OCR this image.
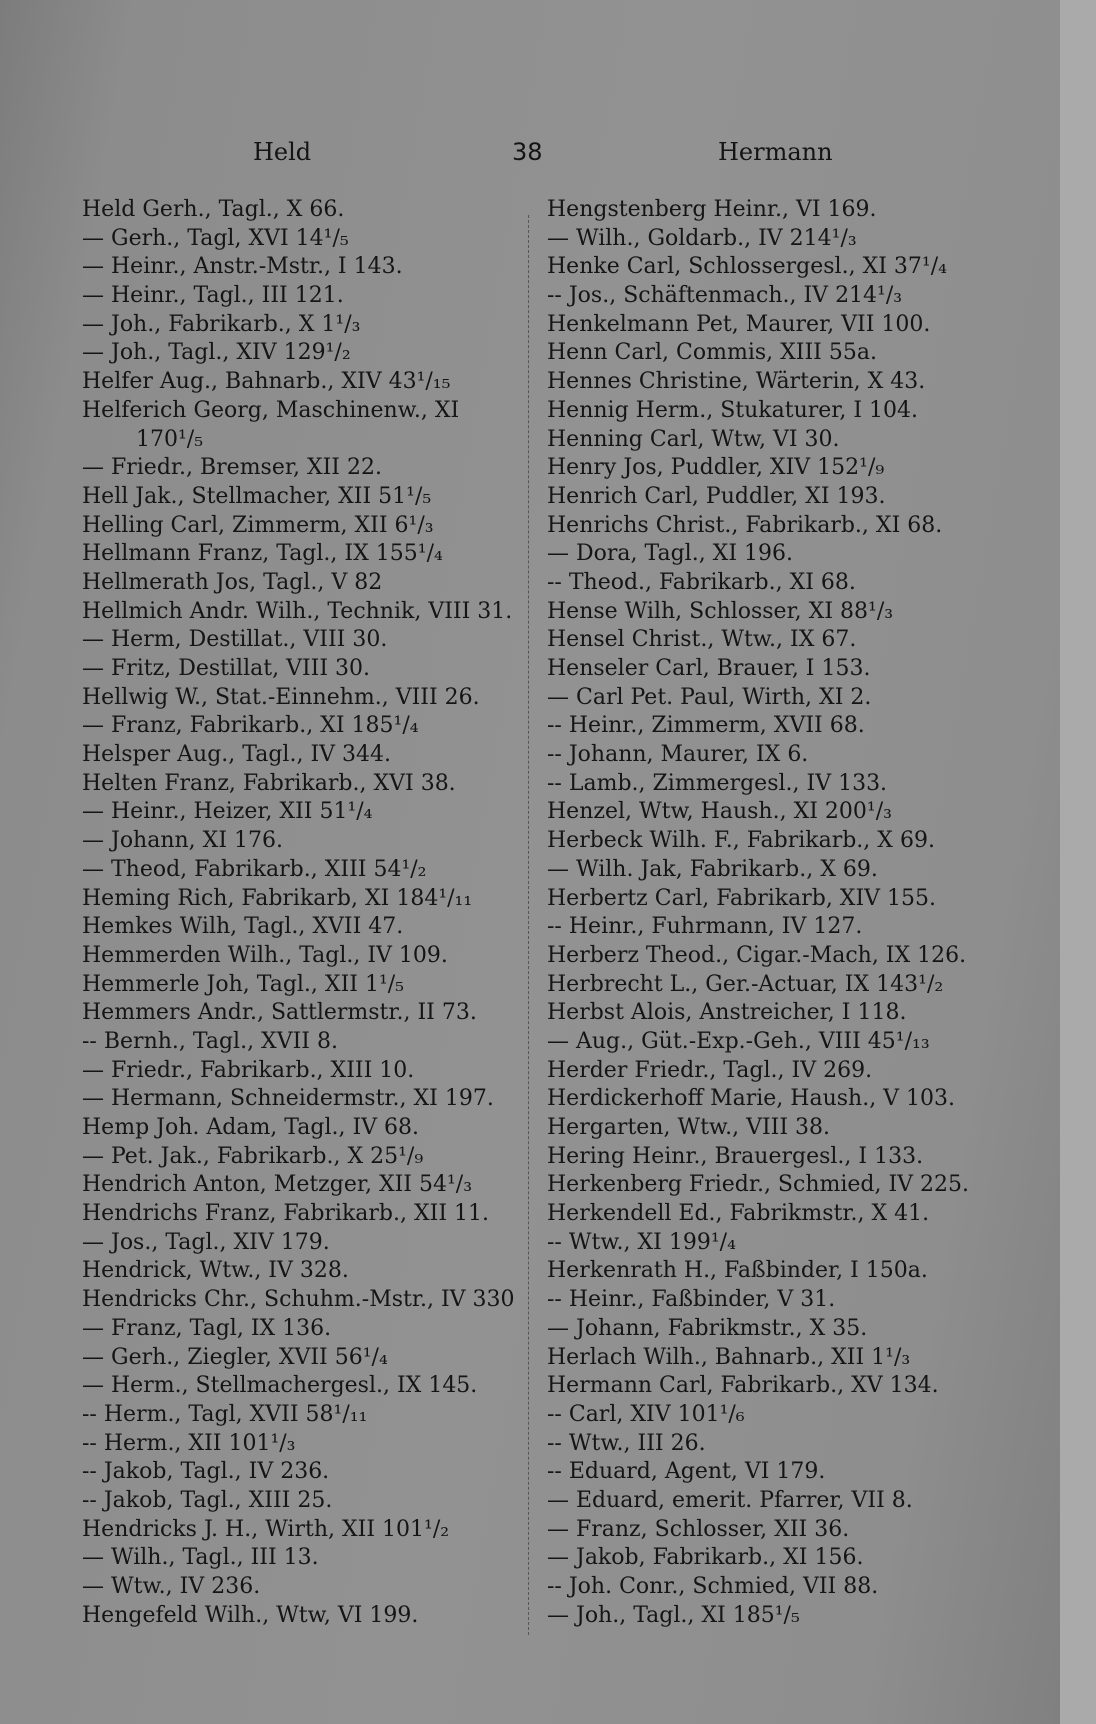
Held	38	Hermann
Held Gerh., Tagl., X 66.
— Gerh., Tagl, XVI 14¹/₅
— Heinr., Anstr.-Mstr., I 143.
— Heinr., Tagl., III 121.
— Joh., Fabrikarb., X 1¹/₃
— Joh., Tagl., XIV 129¹/₂
Helfer Aug., Bahnarb., XIV 43¹/₁₅
Helferich Georg, Maschinenw., XI
170¹/₅
— Friedr., Bremser, XII 22.
Hell Jak., Stellmacher, XII 51¹/₅
Helling Carl, Zimmerm, XII 6¹/₃
Hellmann Franz, Tagl., IX 155¹/₄
Hellmerath Jos, Tagl., V 82
Hellmich Andr. Wilh., Technik, VIII 31.
— Herm, Destillat., VIII 30.
— Fritz, Destillat, VIII 30.
Hellwig W., Stat.-Einnehm., VIII 26.
— Franz, Fabrikarb., XI 185¹/₄
Helsper Aug., Tagl., IV 344.
Helten Franz, Fabrikarb., XVI 38.
— Heinr., Heizer, XII 51¹/₄
— Johann, XI 176.
— Theod, Fabrikarb., XIII 54¹/₂
Heming Rich, Fabrikarb, XI 184¹/₁₁
Hemkes Wilh, Tagl., XVII 47.
Hemmerden Wilh., Tagl., IV 109.
Hemmerle Joh, Tagl., XII 1¹/₅
Hemmers Andr., Sattlermstr., II 73.
-- Bernh., Tagl., XVII 8.
— Friedr., Fabrikarb., XIII 10.
— Hermann, Schneidermstr., XI 197.
Hemp Joh. Adam, Tagl., IV 68.
— Pet. Jak., Fabrikarb., X 25¹/₉
Hendrich Anton, Metzger, XII 54¹/₃
Hendrichs Franz, Fabrikarb., XII 11.
— Jos., Tagl., XIV 179.
Hendrick, Wtw., IV 328.
Hendricks Chr., Schuhm.-Mstr., IV 330
— Franz, Tagl, IX 136.
— Gerh., Ziegler, XVII 56¹/₄
— Herm., Stellmachergesl., IX 145.
-- Herm., Tagl, XVII 58¹/₁₁
-- Herm., XII 101¹/₃
-- Jakob, Tagl., IV 236.
-- Jakob, Tagl., XIII 25.
Hendricks J. H., Wirth, XII 101¹/₂
— Wilh., Tagl., III 13.
— Wtw., IV 236.
Hengefeld Wilh., Wtw, VI 199.
Hengstenberg Heinr., VI 169.
— Wilh., Goldarb., IV 214¹/₃
Henke Carl, Schlossergesl., XI 37¹/₄
-- Jos., Schäftenmach., IV 214¹/₃
Henkelmann Pet, Maurer, VII 100.
Henn Carl, Commis, XIII 55a.
Hennes Christine, Wärterin, X 43.
Hennig Herm., Stukaturer, I 104.
Henning Carl, Wtw, VI 30.
Henry Jos, Puddler, XIV 152¹/₉
Henrich Carl, Puddler, XI 193.
Henrichs Christ., Fabrikarb., XI 68.
— Dora, Tagl., XI 196.
-- Theod., Fabrikarb., XI 68.
Hense Wilh, Schlosser, XI 88¹/₃
Hensel Christ., Wtw., IX 67.
Henseler Carl, Brauer, I 153.
— Carl Pet. Paul, Wirth, XI 2.
-- Heinr., Zimmerm, XVII 68.
-- Johann, Maurer, IX 6.
-- Lamb., Zimmergesl., IV 133.
Henzel, Wtw, Haush., XI 200¹/₃
Herbeck Wilh. F., Fabrikarb., X 69.
— Wilh. Jak, Fabrikarb., X 69.
Herbertz Carl, Fabrikarb, XIV 155.
-- Heinr., Fuhrmann, IV 127.
Herberz Theod., Cigar.-Mach, IX 126.
Herbrecht L., Ger.-Actuar, IX 143¹/₂
Herbst Alois, Anstreicher, I 118.
— Aug., Güt.-Exp.-Geh., VIII 45¹/₁₃
Herder Friedr., Tagl., IV 269.
Herdickerhoff Marie, Haush., V 103.
Hergarten, Wtw., VIII 38.
Hering Heinr., Brauergesl., I 133.
Herkenberg Friedr., Schmied, IV 225.
Herkendell Ed., Fabrikmstr., X 41.
-- Wtw., XI 199¹/₄
Herkenrath H., Faßbinder, I 150a.
-- Heinr., Faßbinder, V 31.
— Johann, Fabrikmstr., X 35.
Herlach Wilh., Bahnarb., XII 1¹/₃
Hermann Carl, Fabrikarb., XV 134.
-- Carl, XIV 101¹/₆
-- Wtw., III 26.
-- Eduard, Agent, VI 179.
— Eduard, emerit. Pfarrer, VII 8.
— Franz, Schlosser, XII 36.
— Jakob, Fabrikarb., XI 156.
-- Joh. Conr., Schmied, VII 88.
— Joh., Tagl., XI 185¹/₅
